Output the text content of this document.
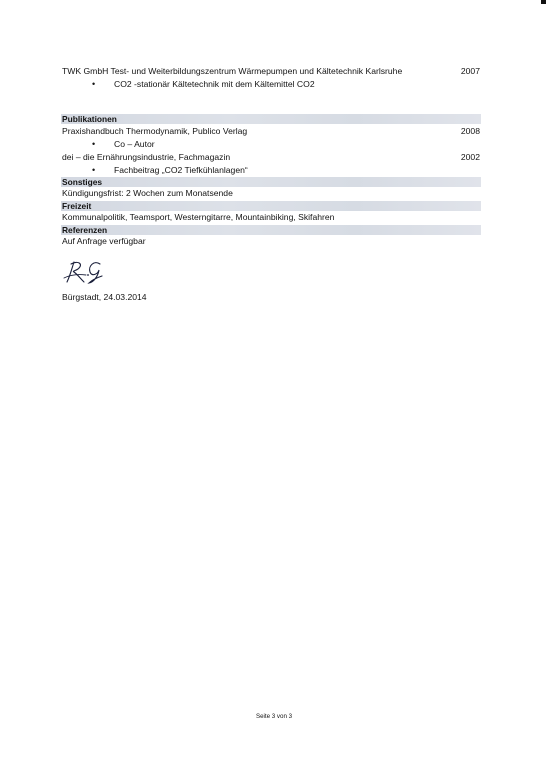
TWK GmbH Test- und Weiterbildungszentrum Wärmepumpen und Kältetechnik Karlsruhe	2007
• CO2 -stationär Kältetechnik mit dem Kältemittel CO2
Publikationen
Praxishandbuch Thermodynamik, Publico Verlag	2008
• Co – Autor
dei – die Ernährungsindustrie, Fachmagazin	2002
• Fachbeitrag „CO2 Tiefkühlanlagen“
Sonstiges
Kündigungsfrist: 2 Wochen zum Monatsende
Freizeit
Kommunalpolitik, Teamsport, Westerngitarre, Mountainbiking, Skifahren
Referenzen
Auf Anfrage verfügbar
Bürgstadt, 24.03.2014
Seite 3 von 3
